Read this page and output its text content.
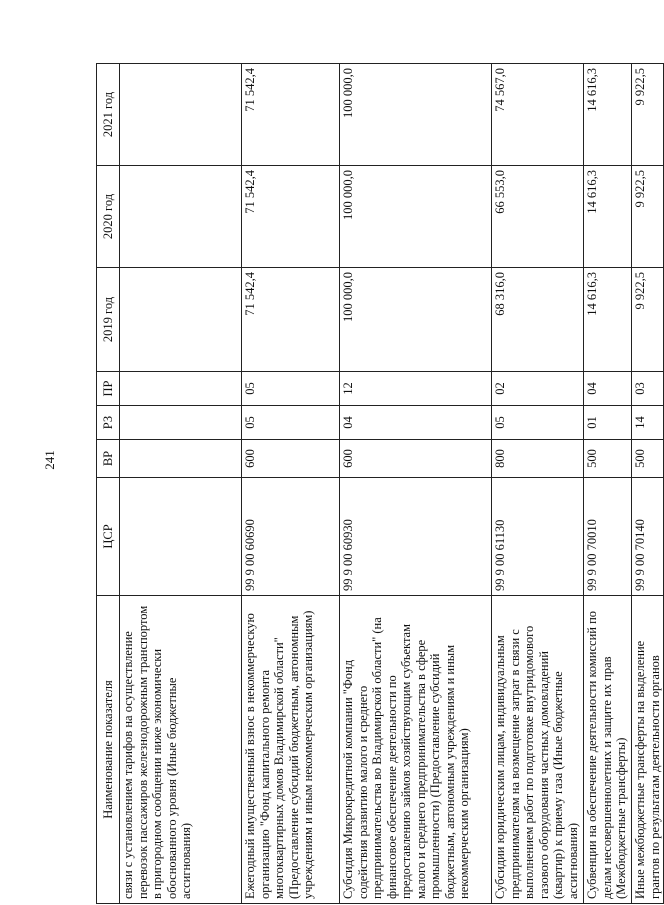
241
Наименование показателя	ЦСР	ВР	РЗ	ПР	2019 год	2020 год	2021 год
связи с установлением тарифов на осуществление перевозок пассажиров железнодорожным транспортом в пригородном сообщении ниже экономически обоснованного уровня (Иные бюджетные ассигнования)							
Ежегодный имущественный взнос в некоммерческую организацию "Фонд капитального ремонта многоквартирных домов Владимирской области" (Предоставление субсидий бюджетным, автономным учреждениям и иным некоммерческим организациям)	99 9 00 60690	600	05	05	71 542,4	71 542,4	71 542,4
Субсидия Микрокредитной компании "Фонд содействия развитию малого и среднего предпринимательства во Владимирской области" (на финансовое обеспечение деятельности по предоставлению займов хозяйствующим субъектам малого и среднего предпринимательства в сфере промышленности) (Предоставление субсидий бюджетным, автономным учреждениям и иным некоммерческим организациям)	99 9 00 60930	600	04	12	100 000,0	100 000,0	100 000,0
Субсидии юридическим лицам, индивидуальным предпринимателям на возмещение затрат в связи с выполнением работ по подготовке внутридомового газового оборудования частных домовладений (квартир) к приему газа (Иные бюджетные ассигнования)	99 9 00 61130	800	05	02	68 316,0	66 553,0	74 567,0
Субвенции на обеспечение деятельности комиссий по делам несовершеннолетних и защите их прав (Межбюджетные трансферты)	99 9 00 70010	500	01	04	14 616,3	14 616,3	14 616,3
Иные межбюджетные трансферты на выделение грантов по результатам деятельности органов	99 9 00 70140	500	14	03	9 922,5	9 922,5	9 922,5
